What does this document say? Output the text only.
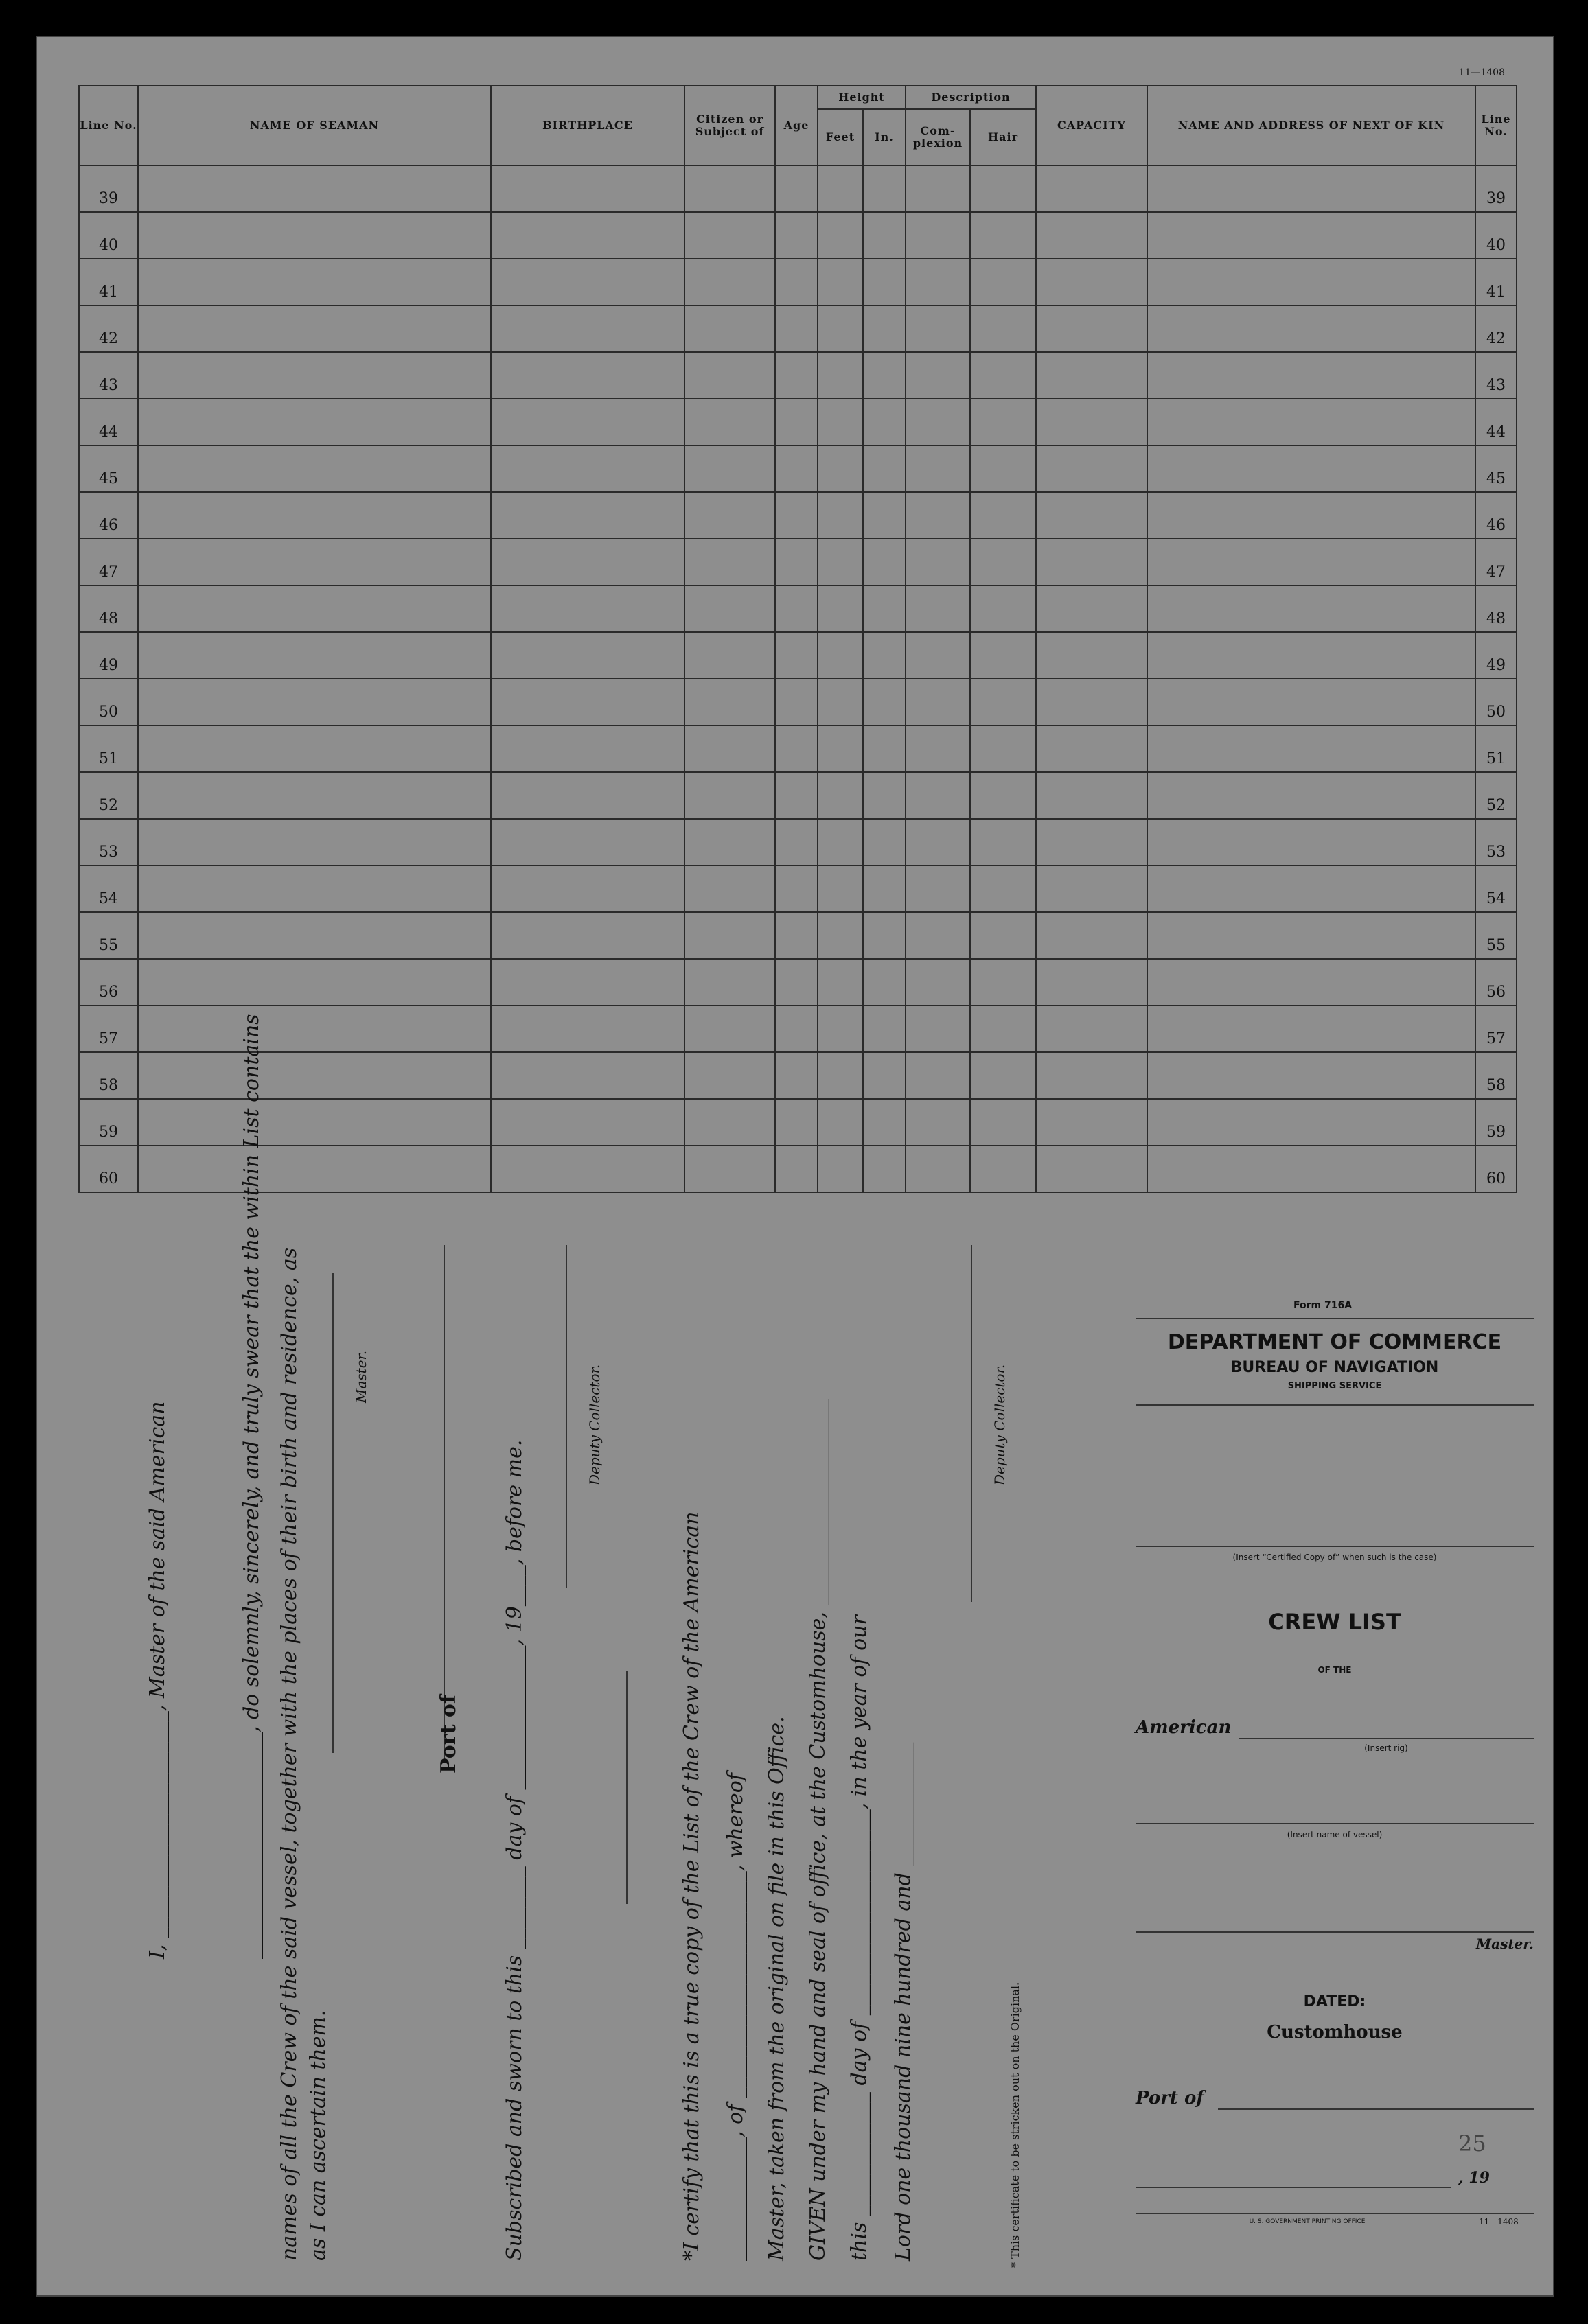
11—1408
Line No.	NAME OF SEAMAN	BIRTHPLACE	Citizen or Subject of	Age	Height		Description		CAPACITY	NAME AND ADDRESS OF NEXT OF KIN	Line No.
					Feet	In.	Com-plexion	Hair			
39											39
40											40
41											41
42											42
43											43
44											44
45											45
46											46
47											47
48											48
49											49
50											50
51											51
52											52
53											53
54											54
55											55
56											56
57											57
58											58
59											59
60											60
I, ______________________, Master of the said American	______________________, do solemnly, sincerely, and truly swear that the within List contains names of all the Crew of the said vessel, together with the places of their birth and residence, as as I can ascertain them.
Master.
Port of Subscribed and sworn to this ________ day of ______________, 19____, before me.
Deputy Collector.
*I certify that this is a true copy of the List of the Crew of the American ____________, of ______________________, whereof Master, taken from the original on file in this Office. GIVEN under my hand and seal of office, at the Customhouse, ____________________ this ____________ day of ____________________, in the year of our Lord one thousand nine hundred and ____________
Deputy Collector.
* This certificate to be stricken out on the Original.
Form 716A
DEPARTMENT OF COMMERCE
BUREAU OF NAVIGATION
SHIPPING SERVICE
(Insert “Certified Copy of” when such is the case)
CREW LIST
OF THE
American
(Insert rig)
(Insert name of vessel)
Master.
DATED:
Customhouse
Port of
25
, 19
U. S. GOVERNMENT PRINTING OFFICE	11—1408
